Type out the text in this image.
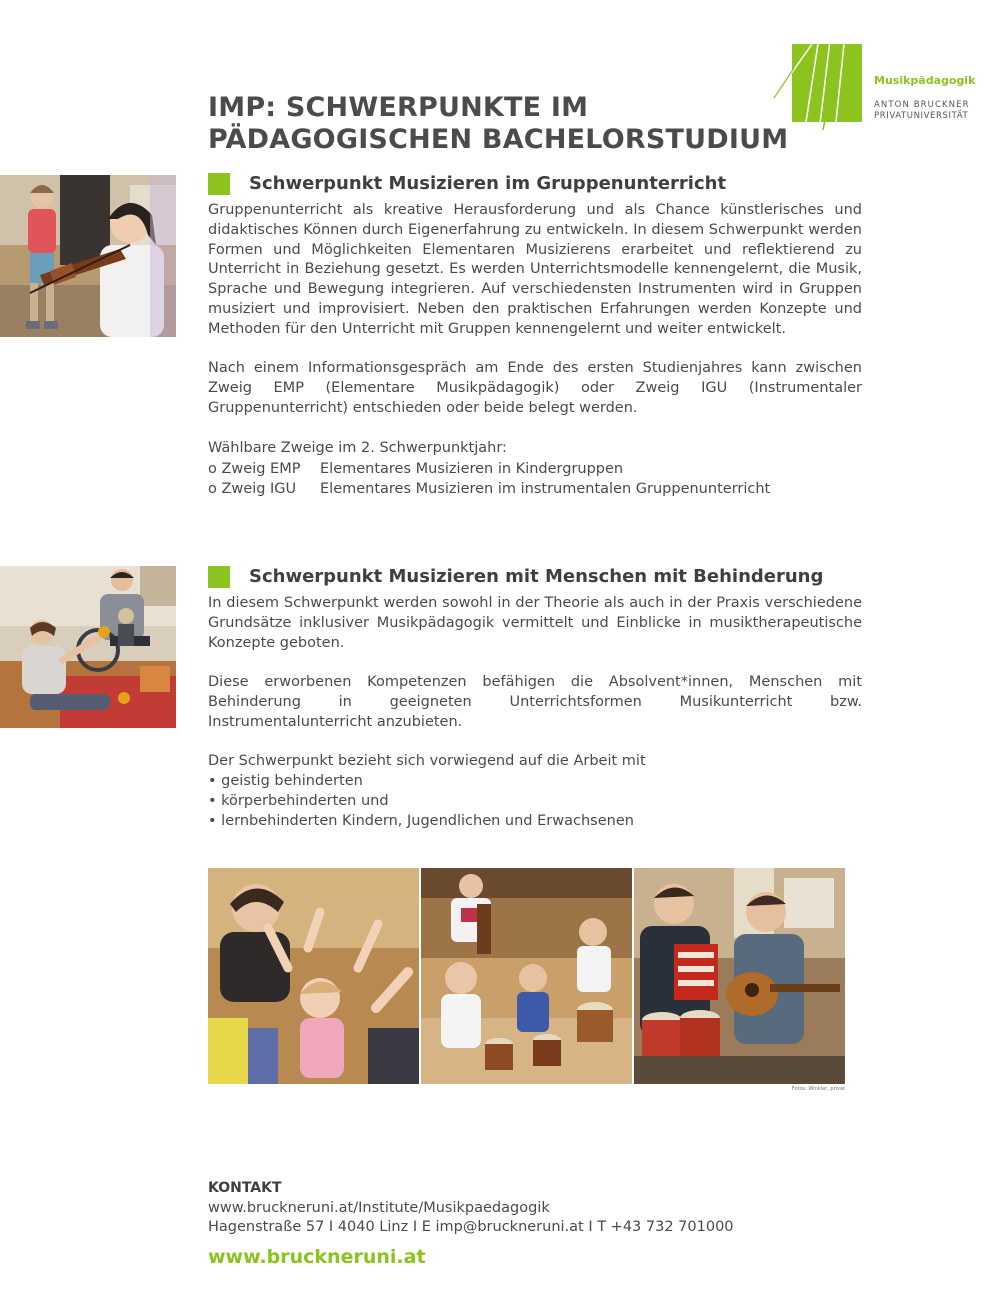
Musikpädagogik
ANTON BRUCKNER
PRIVATUNIVERSITÄT
IMP: SCHWERPUNKTE IM
PÄDAGOGISCHEN BACHELORSTUDIUM
Schwerpunkt Musizieren im Gruppenunterricht

Gruppenunterricht als kreative Herausforderung und als Chance künstlerisches und didaktisches Können durch Eigenerfahrung zu entwickeln. In diesem Schwerpunkt werden Formen und Möglichkeiten Elementaren Musizierens erarbeitet und reflektierend zu Unterricht in Beziehung gesetzt. Es werden Unterrichtsmodelle kennengelernt, die Musik, Sprache und Bewegung integrieren. Auf verschiedensten Instrumenten wird in Gruppen musiziert und improvisiert. Neben den praktischen Erfahrungen werden Konzepte und Methoden für den Unterricht mit Gruppen kennengelernt und weiter entwickelt.

Nach einem Informationsgespräch am Ende des ersten Studienjahres kann zwischen Zweig EMP (Elementare Musikpädagogik) oder Zweig IGU (Instrumentaler Gruppenunterricht) entschieden oder beide belegt werden.

Wählbare Zweige im 2. Schwerpunktjahr:
o Zweig EMP	Elementares Musizieren in Kindergruppen
o Zweig IGU	Elementares Musizieren im instrumentalen Gruppenunterricht
Schwerpunkt Musizieren mit Menschen mit Behinderung

In diesem Schwerpunkt werden sowohl in der Theorie als auch in der Praxis verschiedene Grundsätze inklusiver Musikpädagogik vermittelt und Einblicke in musiktherapeutische Konzepte geboten.

Diese erworbenen Kompetenzen befähigen die Absolvent*innen, Menschen mit Behinderung in geeigneten Unterrichtsformen Musikunterricht bzw. Instrumentalunterricht anzubieten.

Der Schwerpunkt bezieht sich vorwiegend auf die Arbeit mit
• geistig behinderten
• körperbehinderten und
• lernbehinderten Kindern, Jugendlichen und Erwachsenen
Fotos: Winkler, privat
KONTAKT
www.bruckneruni.at/Institute/Musikpaedagogik
Hagenstraße 57 I 4040 Linz I E imp@bruckneruni.at I T +43 732 701000
www.bruckneruni.at
